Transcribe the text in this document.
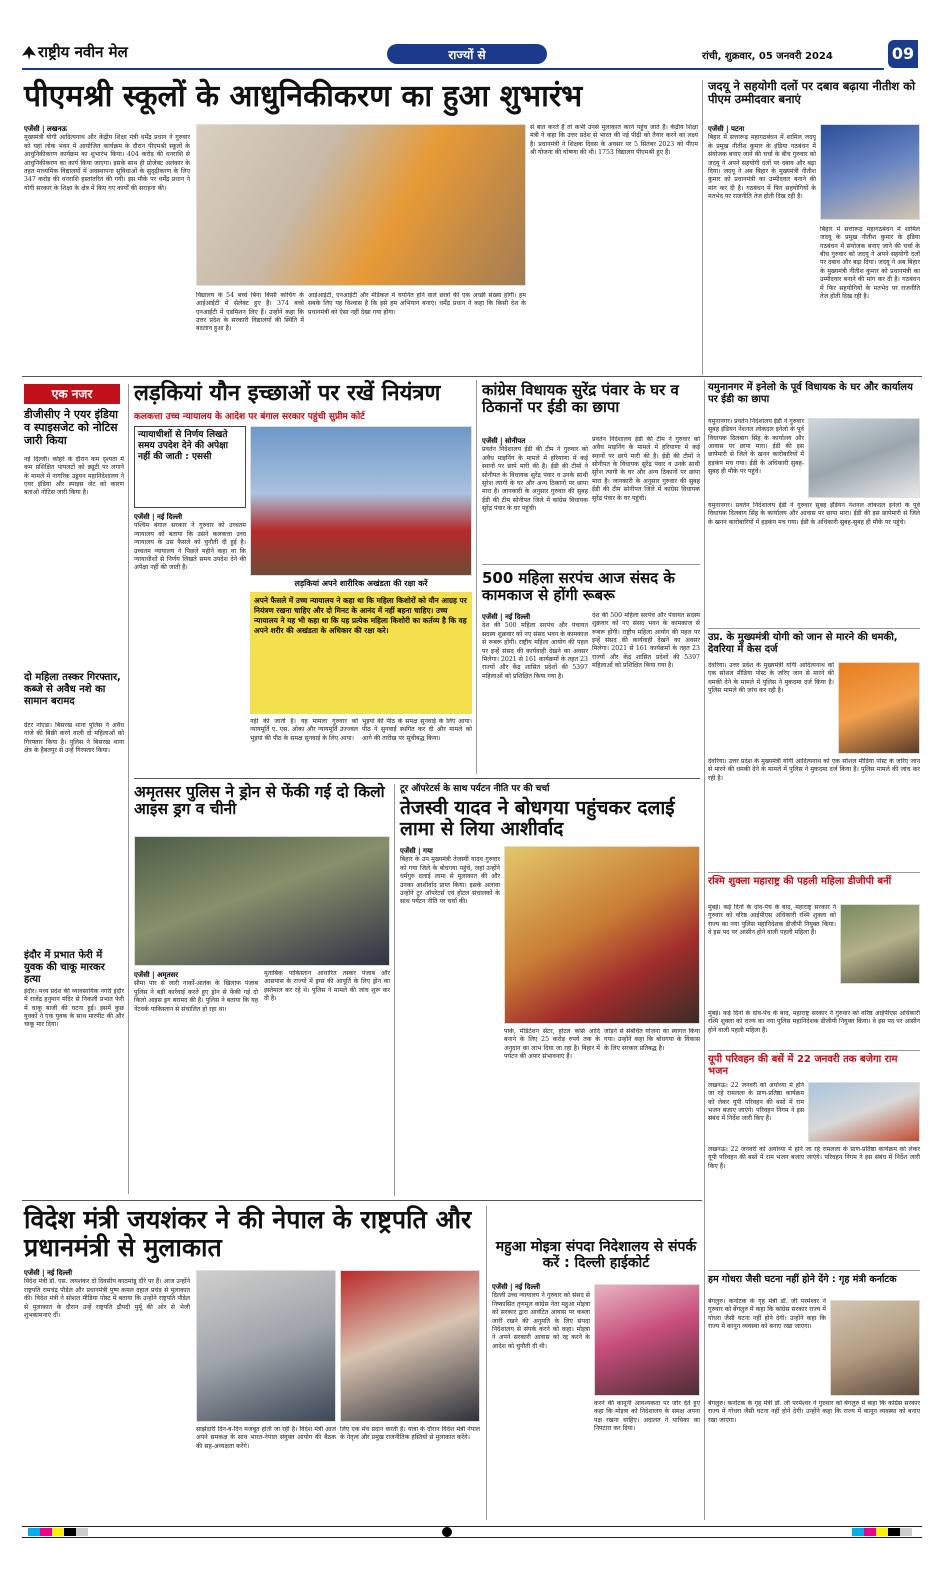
राष्ट्रीय नवीन मेल	राज्यों से	रांची, शुक्रवार, 05 जनवरी 2024	09
पीएमश्री स्कूलों के आधुनिकीकरण का हुआ शुभारंभ
एजेंसी | लखनऊ

मुख्यमंत्री योगी आदित्यनाथ और केंद्रीय शिक्षा मंत्री धर्मेंद्र प्रधान ने गुरुवार को यहां लोक भवन में आयोजित कार्यक्रम के दौरान पीएमश्री स्कूलों के आधुनिकीकरण कार्यक्रम का शुभारंभ किया। 404 करोड़ की धनराशि से आधुनिकीकरण का कार्य किया जाएगा। इसके साथ ही प्रोजेक्ट अलंकार के तहत माध्यमिक विद्यालयों में अवस्थापना सुविधाओं के सुदृढ़ीकरण के लिए 347 करोड़ की धनराशि हस्तांतरित की गयी। इस मौके पर धर्मेंद्र प्रधान ने योगी सरकार के शिक्षा के क्षेत्र में किए गए कार्यों की सराहना की।

विद्यालय के 54 बच्चे बिना किसी कोचिंग के आईआईटी में सेलेक्ट हुए हैं। 374 बच्चे एनआईटी में एडमिशन लिए हैं। उन्होंने कहा कि उत्तर प्रदेश के सरकारी विद्यालयों की स्थिति में बदलाव हुआ है।
आईआईटी, एनआईटी और मेडिकल में चयनित होने वाले छात्रों की एक अच्छी संख्या होगी। हम सबके लिए यह विश्वास है कि इसे हम अभियान बनाएं। धर्मेंद्र प्रधान ने कहा कि किसी देश के प्रधानमंत्री को ऐसा नहीं देखा गया होगा।
से बात करते हैं तो कभी उनसे मुलाकात करने पहुंच जाते हैं। केंद्रीय शिक्षा मंत्री ने कहा कि उत्तर प्रदेश से भारत की नई पीढ़ी को तैयार करने का लक्ष्य है। प्रधानमंत्री ने शिक्षक दिवस के अवसर पर 5 सितंबर 2023 को पीएम श्री योजना की घोषणा की थी। 1753 विद्यालय पीएमश्री हुए हैं।
जदयू ने सहयोगी दलों पर दबाव बढ़ाया नीतीश को पीएम उम्मीदवार बनाएं
एजेंसी | पटना

बिहार में सत्तारूढ़ महागठबंधन में शामिल जदयू के प्रमुख नीतीश कुमार के इंडिया गठबंधन में संयोजक बनाए जाने की चर्चा के बीच गुरुवार को जदयू ने अपने सहयोगी दलों पर दबाव और बढ़ा दिया। जदयू ने अब बिहार के मुख्यमंत्री नीतीश कुमार को प्रधानमंत्री का उम्मीदवार बनाने की मांग कर दी है। गठबंधन में फिर सहयोगियों के मतभेद पर राजनीति तेज होती दिख रही है।

बिहार में सत्तारूढ़ महागठबंधन में शामिल जदयू के प्रमुख नीतीश कुमार के इंडिया गठबंधन में संयोजक बनाए जाने की चर्चा के बीच गुरुवार को जदयू ने अपने सहयोगी दलों पर दबाव और बढ़ा दिया। जदयू ने अब बिहार के मुख्यमंत्री नीतीश कुमार को प्रधानमंत्री का उम्मीदवार बनाने की मांग कर दी है। गठबंधन में फिर सहयोगियों के मतभेद पर राजनीति तेज होती दिख रही है।
एक नजर
डीजीसीए ने एयर इंडिया व स्पाइसजेट को नोटिस जारी किया
नई दिल्ली। कोहरे के दौरान कम दृश्यता में कम प्रशिक्षित पायलटों को ड्यूटी पर लगाने के मामले में नागरिक उड्डयन महानिदेशालय ने एयर इंडिया और स्पाइस जेट को कारण बताओ नोटिस जारी किया है।
दो महिला तस्कर गिरफ्तार, कब्जे से अवैध नशे का सामान बरामद
ग्रेटर नोएडा। बिसरख थाना पुलिस ने अवैध गांजे की बिक्री करने वाली दो महिलाओं को गिरफ्तार किया है। पुलिस ने बिसरख थाना क्षेत्र के हैबतपुर से उन्हें गिरफ्तार किया।
इंदौर में प्रभात फेरी में युवक की चाकू मारकर हत्या
इंदौर। मध्य प्रदेश की व्यावसायिक नगरी इंदौर में राजेंद्र हनुमान मंदिर से निकली प्रभात फेरी में चाकू बाजी की घटना हुई। इसमें कुछ युवकों ने एक युवक के साथ मारपीट की और चाकू मार दिया।
लड़कियां यौन इच्छाओं पर रखें नियंत्रण
कलकत्ता उच्च न्यायालय के आदेश पर बंगाल सरकार पहुंची सुप्रीम कोर्ट
न्यायाधीशों से निर्णय लिखते समय उपदेश देने की अपेक्षा नहीं की जाती : एससी
एजेंसी | नई दिल्ली

पश्चिम बंगाल सरकार ने गुरुवार को उच्चतम न्यायालय को बताया कि उसने कलकत्ता उच्च न्यायालय के उस फैसले को चुनौती दी हुई है। उच्चतम न्यायालय ने पिछले महीने कहा था कि न्यायाधीशों से निर्णय लिखते समय उपदेश देने की अपेक्षा नहीं की जाती है।

लड़कियां अपने शारीरिक अखंडता की रक्षा करें
अपने फैसले में उच्च न्यायालय ने कहा था कि महिला किशोरों को यौन आग्रह पर नियंत्रण रखना चाहिए और दो मिनट के आनंद में नहीं बहना चाहिए। उच्च न्यायालय ने यह भी कहा था कि यह प्रत्येक महिला किशोरी का कर्तव्य है कि वह अपने शरीर की अखंडता के अधिकार की रक्षा करे।
नहीं की जाती है। यह मामला गुरुवार को न्यायमूर्ति ए. एस. ओका और न्यायमूर्ति उज्ज्वल भुइयां की पीठ के समक्ष सुनवाई के लिए आया।
भुइयां की पीठ के समक्ष सुनवाई के लिए आया। पीठ ने सुनवाई स्थगित कर दी और मामले को आगे की तारीख पर सूचीबद्ध किया।
कांग्रेस विधायक सुरेंद्र पंवार के घर व ठिकानों पर ईडी का छापा
एजेंसी | सोनीपत

प्रवर्तन निदेशालय ईडी की टीम ने गुरुवार को अवैध माइनिंग के मामले में हरियाणा में कई स्थानों पर छापे मारी की है। ईडी की टीमों ने सोनीपत के विधायक सुरेंद्र पंवार व उनके साथी सुरेश त्यागी के घर और अन्य ठिकानों पर छापा मारा है। जानकारी के अनुसार गुरुवार की सुबह ईडी की टीम सोनीपत जिले में कांग्रेस विधायक सुरेंद्र पंवार के घर पहुंची।

प्रवर्तन निदेशालय ईडी की टीम ने गुरुवार को अवैध माइनिंग के मामले में हरियाणा में कई स्थानों पर छापे मारी की है। ईडी की टीमों ने सोनीपत के विधायक सुरेंद्र पंवार व उनके साथी सुरेश त्यागी के घर और अन्य ठिकानों पर छापा मारा है। जानकारी के अनुसार गुरुवार की सुबह ईडी की टीम सोनीपत जिले में कांग्रेस विधायक सुरेंद्र पंवार के घर पहुंची।
500 महिला सरपंच आज संसद के कामकाज से होंगी रूबरू
एजेंसी | नई दिल्ली

देश की 500 महिला सरपंच और पंचायत सदस्य शुक्रवार को नए संसद भवन के कामकाज से रूबरू होंगी। राष्ट्रीय महिला आयोग की पहल पर इन्हें संसद की कार्यवाही देखने का अवसर मिलेगा। 2021 से 161 कार्यक्रमों के तहत 23 राज्यों और केंद्र शासित प्रदेशों की 5397 महिलाओं को प्रशिक्षित किया गया है।

देश की 500 महिला सरपंच और पंचायत सदस्य शुक्रवार को नए संसद भवन के कामकाज से रूबरू होंगी। राष्ट्रीय महिला आयोग की पहल पर इन्हें संसद की कार्यवाही देखने का अवसर मिलेगा। 2021 से 161 कार्यक्रमों के तहत 23 राज्यों और केंद्र शासित प्रदेशों की 5397 महिलाओं को प्रशिक्षित किया गया है।
यमुनानगर में इनेलो के पूर्व विधायक के घर और कार्यालय पर ईडी का छापा
यमुनानगर। प्रवर्तन निदेशालय ईडी ने गुरुवार सुबह इंडियन नेशनल लोकदल इनेलो के पूर्व विधायक दिलबाग सिंह के कार्यालय और आवास पर छापा मारा। ईडी की इस छापेमारी से जिले के खनन कारोबारियों में हड़कंप मच गया। ईडी के अधिकारी सुबह-सुबह ही मौके पर पहुंचे।
यमुनानगर। प्रवर्तन निदेशालय ईडी ने गुरुवार सुबह इंडियन नेशनल लोकदल इनेलो के पूर्व विधायक दिलबाग सिंह के कार्यालय और आवास पर छापा मारा। ईडी की इस छापेमारी से जिले के खनन कारोबारियों में हड़कंप मच गया। ईडी के अधिकारी सुबह-सुबह ही मौके पर पहुंचे।
उप्र. के मुख्यमंत्री योगी को जान से मारने की धमकी, देवरिया में केस दर्ज
देवरिया। उत्तर प्रदेश के मुख्यमंत्री योगी आदित्यनाथ को एक सोशल मीडिया पोस्ट के जरिए जान से मारने की धमकी देने के मामले में पुलिस ने मुकदमा दर्ज किया है। पुलिस मामले की जांच कर रही है।
देवरिया। उत्तर प्रदेश के मुख्यमंत्री योगी आदित्यनाथ को एक सोशल मीडिया पोस्ट के जरिए जान से मारने की धमकी देने के मामले में पुलिस ने मुकदमा दर्ज किया है। पुलिस मामले की जांच कर रही है।
रश्मि शुक्ला महाराष्ट्र की पहली महिला डीजीपी बनीं
मुंबई। कई दिनों के दांव-पेंच के बाद, महाराष्ट्र सरकार ने गुरुवार को वरिष्ठ आईपीएस अधिकारी रश्मि शुक्ला को राज्य का नया पुलिस महानिदेशक डीजीपी नियुक्त किया। वे इस पद पर आसीन होने वाली पहली महिला हैं।
मुंबई। कई दिनों के दांव-पेंच के बाद, महाराष्ट्र सरकार ने गुरुवार को वरिष्ठ आईपीएस अधिकारी रश्मि शुक्ला को राज्य का नया पुलिस महानिदेशक डीजीपी नियुक्त किया। वे इस पद पर आसीन होने वाली पहली महिला हैं।
यूपी परिवहन की बसें में 22 जनवरी तक बजेगा राम भजन
लखनऊ। 22 जनवरी को अयोध्या में होने जा रहे रामलला के प्राण-प्रतिष्ठा कार्यक्रम को लेकर यूपी परिवहन की बसों में राम भजन बजाए जाएंगे। परिवहन निगम ने इस संबंध में निर्देश जारी किए हैं।
लखनऊ। 22 जनवरी को अयोध्या में होने जा रहे रामलला के प्राण-प्रतिष्ठा कार्यक्रम को लेकर यूपी परिवहन की बसों में राम भजन बजाए जाएंगे। परिवहन निगम ने इस संबंध में निर्देश जारी किए हैं।
हम गोधरा जैसी घटना नहीं होने देंगे : गृह मंत्री कर्नाटक
बेंगलुरु। कर्नाटक के गृह मंत्री डॉ. जी परमेश्वर ने गुरुवार को बेंगलुरु में कहा कि कांग्रेस सरकार राज्य में गोधरा जैसी घटना नहीं होने देगी। उन्होंने कहा कि राज्य में कानून व्यवस्था को बनाए रखा जाएगा।
बेंगलुरु। कर्नाटक के गृह मंत्री डॉ. जी परमेश्वर ने गुरुवार को बेंगलुरु में कहा कि कांग्रेस सरकार राज्य में गोधरा जैसी घटना नहीं होने देगी। उन्होंने कहा कि राज्य में कानून व्यवस्था को बनाए रखा जाएगा।
अमृतसर पुलिस ने ड्रोन से फेंकी गई दो किलो आइस ड्रग व चीनी
एजेंसी | अमृतसर

सीमा पार से जारी नार्को-आतंक के खिलाफ पंजाब पुलिस ने बड़ी कार्रवाई करते हुए ड्रोन से फेंकी गई दो किलो आइस ड्रग बरामद की है। पुलिस ने बताया कि यह नेटवर्क पाकिस्तान से संचालित हो रहा था।

मुताबिक पाकिस्तान आधारित तस्कर पंजाब और आसपास के राज्यों में ड्रग्स की आपूर्ति के लिए ड्रोन का इस्तेमाल कर रहे थे। पुलिस ने मामले की जांच शुरू कर दी है।
टूर ऑपरेटर्स के साथ पर्यटन नीति पर की चर्चा
तेजस्वी यादव ने बोधगया पहुंचकर दलाई लामा से लिया आशीर्वाद
एजेंसी | गया

बिहार के उप मुख्यमंत्री तेजस्वी यादव गुरुवार को गया जिले के बोधगया पहुंचे, जहां उन्होंने धर्मगुरु दलाई लामा से मुलाकात की और उनका आशीर्वाद प्राप्त किया। इसके अलावा उन्होंने टूर ऑपरेटर्स एवं होटल संचालकों के साथ पर्यटन नीति पर चर्चा की।

पार्क, मेडिटेशन सेंटर, होटल कोर्स आदि बनाने के लिए 25 करोड़ रुपये तक के अनुदान का लाभ दिया जा रहा है। बिहार में पर्यटन की अपार संभावनाएं हैं।
जोड़ने से संबंधित योजना का स्वागत किया गया। उन्होंने कहा कि बोधगया के विकास के लिए सरकार प्रतिबद्ध है।
विदेश मंत्री जयशंकर ने की नेपाल के राष्ट्रपति और प्रधानमंत्री से मुलाकात
एजेंसी | नई दिल्ली

विदेश मंत्री डॉ. एस. जयशंकर दो दिवसीय काठमांडू दौरे पर हैं। आज उन्होंने राष्ट्रपति रामचंद्र पौडेल और प्रधानमंत्री पुष्प कमल दहाल प्रचंड से मुलाकात की। विदेश मंत्री ने सोशल मीडिया पोस्ट में बताया कि उन्होंने राष्ट्रपति पौडेल से मुलाकात के दौरान उन्हें राष्ट्रपति द्रौपदी मुर्मू की ओर से भेजी शुभकामनाएं दीं।

साझेदारी दिन-ब-दिन मजबूत होती जा रही है। विदेश मंत्री आज अपने समकक्ष के साथ भारत-नेपाल संयुक्त आयोग की बैठक की सह-अध्यक्षता करेंगे।
लिए एक मंच प्रदान करती है। यात्रा के दौरान विदेश मंत्री नेपाल के नेतृत्व और प्रमुख राजनीतिक हस्तियों से मुलाकात करेंगे।
महुआ मोइत्रा संपदा निदेशालय से संपर्क करें : दिल्ली हाईकोर्ट
एजेंसी | नई दिल्ली

दिल्ली उच्च न्यायालय ने गुरुवार को संसद से निष्कासित तृणमूल कांग्रेस नेता महुआ मोइत्रा को सरकार द्वारा आवंटित आवास पर कब्जा जारी रखने की अनुमति के लिए संपदा निदेशालय से संपर्क करने को कहा। मोइत्रा ने अपने सरकारी आवास को रद्द करने के आदेश को चुनौती दी थी।

करने की कानूनी आवश्यकता पर जोर देते हुए कहा कि मोइत्रा को निदेशालय के समक्ष अपना पक्ष रखना चाहिए। अदालत ने याचिका का निपटारा कर दिया।
